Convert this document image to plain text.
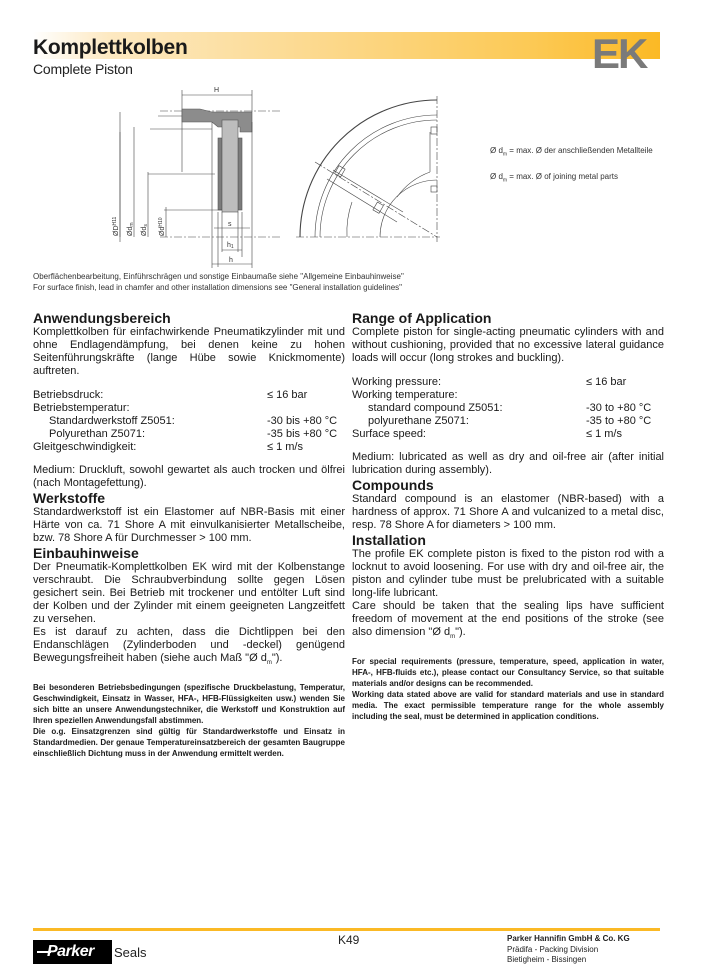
Komplettkolben
Complete Piston	EK
H
s
h1
h
$ØD^{H11}$
Ødm
Øds
$Ød^{H10}$
Ø $d_m = \max$. Ø der anschließenden Metallteile
Ø $d_m = \max$. Ø of joining metal parts
Oberflächenbearbeitung, Einführschrägen und sonstige Einbaumaße siehe "Allgemeine Einbauhinweise"
For surface finish, lead in chamfer and other installation dimensions see "General installation guidelines"
Anwendungsbereich

Komplettkolben für einfachwirkende Pneumatikzylinder mit und ohne Endlagendämpfung, bei denen keine zu hohen Seitenführungskräfte (lange Hübe sowie Knickmomente) auftreten.

Betriebsdruck:	≤ 16 bar
Betriebstemperatur:	
Standardwerkstoff Z5051:	-30 bis +80 °C
Polyurethan Z5071:	-35 bis +80 °C
Gleitgeschwindigkeit:	≤ 1 m/s

Medium: Druckluft, sowohl gewartet als auch trocken und ölfrei (nach Montagefettung).

Werkstoffe

Standardwerkstoff ist ein Elastomer auf NBR-Basis mit einer Härte von ca. 71 Shore A mit einvulkanisierter Metallscheibe, bzw. 78 Shore A für Durchmesser > 100 mm.

Einbauhinweise

Der Pneumatik-Komplettkolben EK wird mit der Kolbenstange verschraubt. Die Schraubverbindung sollte gegen Lösen gesichert sein. Bei Betrieb mit trockener und entölter Luft sind der Kolben und der Zylinder mit einem geeigneten Langzeitfett zu versehen.

Es ist darauf zu achten, dass die Dichtlippen bei den Endanschlägen (Zylinderboden und -deckel) genügend Bewegungsfreiheit haben (siehe auch Maß "Ø $d_m$").

Bei besonderen Betriebsbedingungen (spezifische Druckbelastung, Temperatur, Geschwindigkeit, Einsatz in Wasser, HFA-, HFB-Flüssigkeiten usw.) wenden Sie sich bitte an unsere Anwendungstechniker, die Werkstoff und Konstruktion auf Ihren speziellen Anwendungsfall abstimmen.

Die o.g. Einsatzgrenzen sind gültig für Standardwerkstoffe und Einsatz in Standardmedien. Der genaue Temperatureinsatzbereich der gesamten Baugruppe einschließlich Dichtung muss in der Anwendung ermittelt werden.

Range of Application

Complete piston for single-acting pneumatic cylinders with and without cushioning, provided that no excessive lateral guidance loads will occur (long strokes and buckling).

Working pressure:	≤ 16 bar
Working temperature:	
standard compound Z5051:	-30 to +80 °C
polyurethane Z5071:	-35 to +80 °C
Surface speed:	≤ 1 m/s

Medium: lubricated as well as dry and oil-free air (after initial lubrication during assembly).

Compounds

Standard compound is an elastomer (NBR-based) with a hardness of approx. 71 Shore A and vulcanized to a metal disc, resp. 78 Shore A for diameters > 100 mm.

Installation

The profile EK complete piston is fixed to the piston rod with a locknut to avoid loosening. For use with dry and oil-free air, the piston and cylinder tube must be prelubricated with a suitable long-life lubricant.

Care should be taken that the sealing lips have sufficient freedom of movement at the end positions of the stroke (see also dimension "Ø $d_m$").

For special requirements (pressure, temperature, speed, application in water, HFA-, HFB-fluids etc.), please contact our Consultancy Service, so that suitable materials and/or designs can be recommended.

Working data stated above are valid for standard materials and use in standard media. The exact permissible temperature range for the whole assembly including the seal, must be determined in application conditions.

Parker Seals
K49	Parker Hannifin GmbH & Co. KG
Prädifa - Packing Division
Bietigheim - Bissingen
